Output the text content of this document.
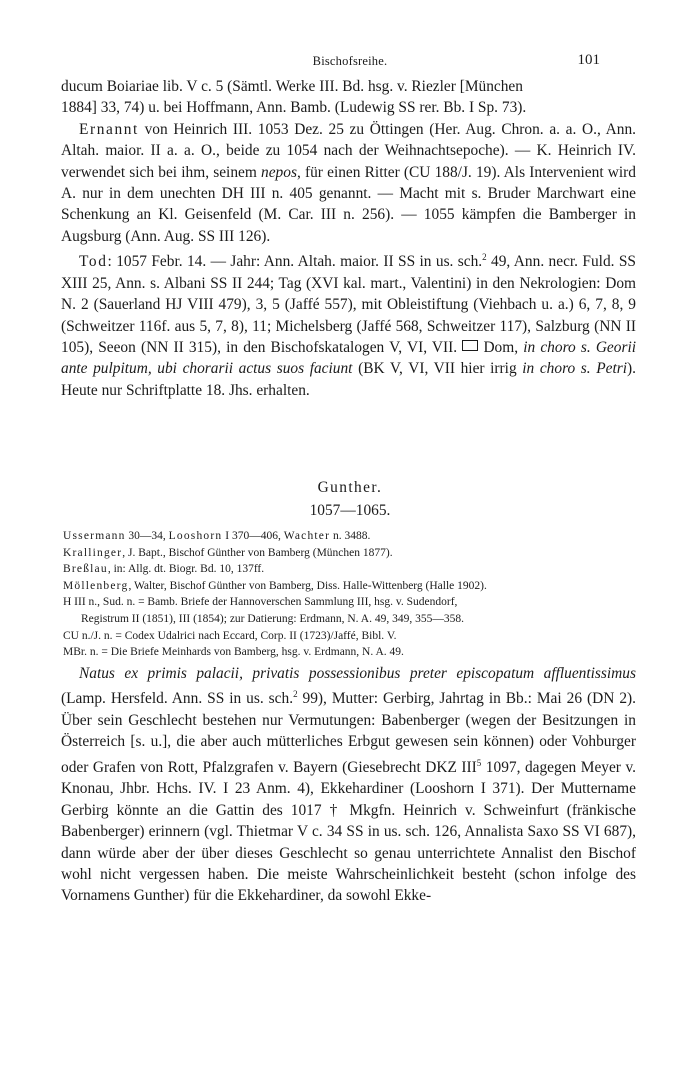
Bischofsreihe.	101

ducum Boiariae lib. V c. 5 (Sämtl. Werke III. Bd. hsg. v. Riezler [München
1884] 33, 74) u. bei Hoffmann, Ann. Bamb. (Ludewig SS rer. Bb. I Sp. 73).

Ernannt von Heinrich III. 1053 Dez. 25 zu Öttingen (Her. Aug. Chron. a. a. O., Ann. Altah. maior. II a. a. O., beide zu 1054 nach der Weihnachtsepoche). — K. Heinrich IV. verwendet sich bei ihm, seinem nepos, für einen Ritter (CU 188/J. 19). Als Intervenient wird A. nur in dem unechten DH III n. 405 genannt. — Macht mit s. Bruder Marchwart eine Schenkung an Kl. Geisenfeld (M. Car. III n. 256). — 1055 kämpfen die Bamberger in Augsburg (Ann. Aug. SS III 126).

Tod: 1057 Febr. 14. — Jahr: Ann. Altah. maior. II SS in us. sch.$^2$ 49, Ann. necr. Fuld. SS XIII 25, Ann. s. Albani SS II 244; Tag (XVI kal. mart., Valentini) in den Nekrologien: Dom N. 2 (Sauerland HJ VIII 479), 3, 5 (Jaffé 557), mit Obleistiftung (Viehbach u. a.) 6, 7, 8, 9 (Schweitzer 116f. aus 5, 7, 8), 11; Michelsberg (Jaffé 568, Schweitzer 117), Salzburg (NN II 105), Seeon (NN II 315), in den Bischofskatalogen V, VI, VII.  Dom, in choro s. Georii ante pulpitum, ubi chorarii actus suos faciunt (BK V, VI, VII hier irrig in choro s. Petri). Heute nur Schriftplatte 18. Jhs. erhalten.

Gunther.
1057—1065.
Ussermann 30—34, Looshorn I 370—406, Wachter n. 3488.
Krallinger, J. Bapt., Bischof Günther von Bamberg (München 1877).
Breßlau, in: Allg. dt. Biogr. Bd. 10, 137ff.
Möllenberg, Walter, Bischof Günther von Bamberg, Diss. Halle-Wittenberg (Halle 1902).
H III n., Sud. n. = Bamb. Briefe der Hannoverschen Sammlung III, hsg. v. Sudendorf,
Registrum II (1851), III (1854); zur Datierung: Erdmann, N. A. 49, 349, 355—358.
CU n./J. n. = Codex Udalrici nach Eccard, Corp. II (1723)/Jaffé, Bibl. V.
MBr. n. = Die Briefe Meinhards von Bamberg, hsg. v. Erdmann, N. A. 49.

Natus ex primis palacii, privatis possessionibus preter episcopatum affluentissimus (Lamp. Hersfeld. Ann. SS in us. sch.$^2$ 99), Mutter: Gerbirg, Jahrtag in Bb.: Mai 26 (DN 2). Über sein Geschlecht bestehen nur Vermutungen: Babenberger (wegen der Besitzungen in Österreich [s. u.], die aber auch mütterliches Erbgut gewesen sein können) oder Vohburger oder Grafen von Rott, Pfalzgrafen v. Bayern (Giesebrecht DKZ III$^5$ 1097, dagegen Meyer v. Knonau, Jhbr. Hchs. IV. I 23 Anm. 4), Ekkehardiner (Looshorn I 371). Der Muttername Gerbirg könnte an die Gattin des 1017 † Mkgfn. Heinrich v. Schweinfurt (fränkische Babenberger) erinnern (vgl. Thietmar V c. 34 SS in us. sch. 126, Annalista Saxo SS VI 687), dann würde aber der über dieses Geschlecht so genau unterrichtete Annalist den Bischof wohl nicht vergessen haben. Die meiste Wahrscheinlichkeit besteht (schon infolge des Vornamens Gunther) für die Ekkehardiner, da sowohl Ekke-
